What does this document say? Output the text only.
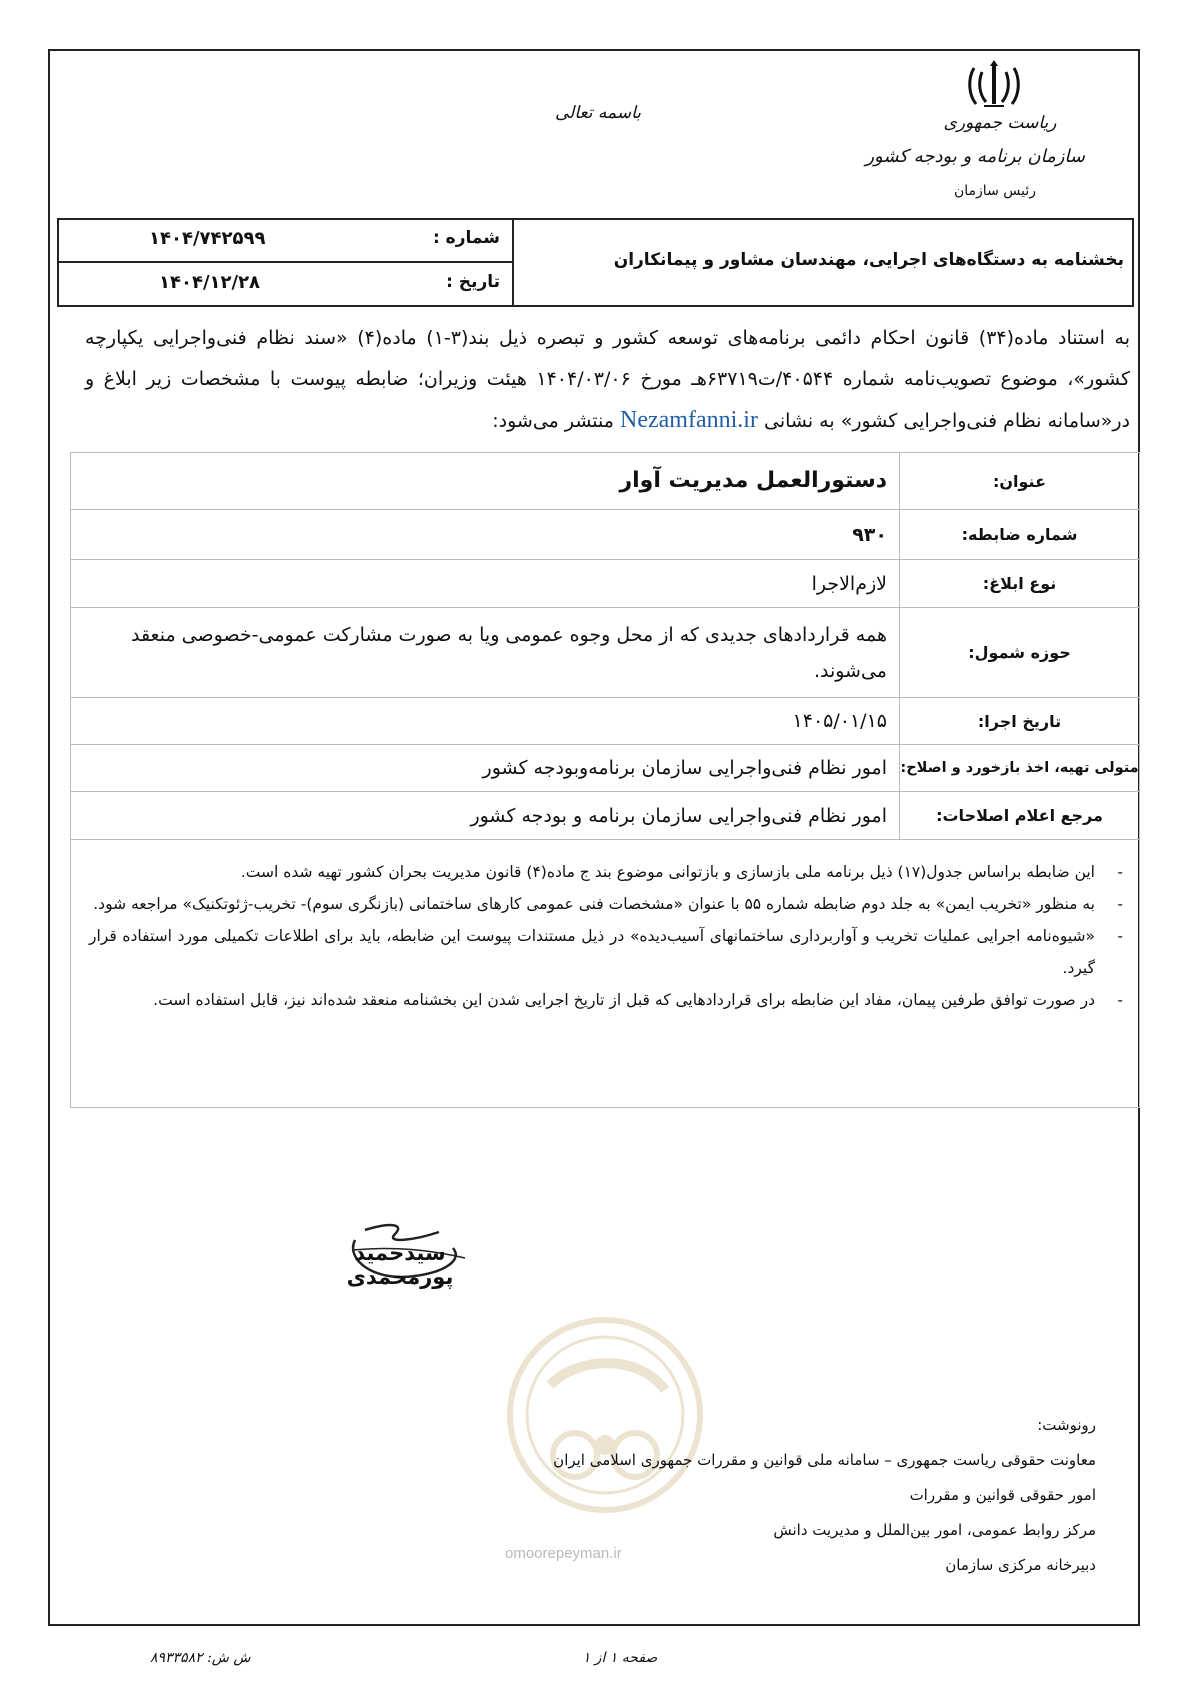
ریاست جمهوری
سازمان برنامه و بودجه کشور
رئیس سازمان
باسمه تعالی
شماره :
۱۴۰۴/۷۴۲۵۹۹
تاریخ :
۱۴۰۴/۱۲/۲۸
بخشنامه به دستگاه‌های اجرایی، مهندسان مشاور و پیمانکاران
به استناد ماده(۳۴) قانون احکام دائمی برنامه‌های توسعه کشور و تبصره ذیل بند(۳-۱) ماده(۴) «سند نظام فنی‌واجرایی یکپارچه کشور»، موضوع تصویب‌نامه شماره ۴۰۵۴۴/ت۶۳۷۱۹هـ مورخ ۱۴۰۴/۰۳/۰۶ هیئت وزیران؛ ضابطه پیوست با مشخصات زیر ابلاغ و در«سامانه نظام فنی‌واجرایی کشور» به نشانی Nezamfanni.ir منتشر می‌شود:
عنوان:
دستورالعمل مدیریت آوار
شماره ضابطه:
۹۳۰
نوع ابلاغ:
لازم‌الاجرا
حوزه شمول:
همه قراردادهای جدیدی که از محل وجوه عمومی ویا به صورت مشارکت عمومی-خصوصی منعقد می‌شوند.
تاریخ اجرا:
۱۴۰۵/۰۱/۱۵
متولی تهیه، اخذ بازخورد و اصلاح:
امور نظام فنی‌واجرایی سازمان برنامه‌وبودجه کشور
مرجع اعلام اصلاحات:
امور نظام فنی‌واجرایی سازمان برنامه و بودجه کشور
-
این ضابطه براساس جدول(۱۷) ذیل برنامه ملی بازسازی و بازتوانی موضوع بند ج ماده(۴) قانون مدیریت بحران کشور تهیه شده است.
-
به منظور «تخریب ایمن» به جلد دوم ضابطه شماره ۵۵ با عنوان «مشخصات فنی عمومی کارهای ساختمانی (بازنگری سوم)- تخریب-ژئوتکنیک» مراجعه شود.
-
«شیوه‌نامه اجرایی عملیات تخریب و آواربرداری ساختمانهای آسیب‌دیده» در ذیل مستندات پیوست این ضابطه، باید برای اطلاعات تکمیلی مورد استفاده قرار گیرد.
-
در صورت توافق طرفین پیمان، مفاد این ضابطه برای قراردادهایی که قبل از تاریخ اجرایی شدن این بخشنامه منعقد شده‌اند نیز، قابل استفاده است.
سیدحمید پورمحمدی
omoorepeyman.ir
رونوشت:
معاونت حقوقی ریاست جمهوری – سامانه ملی قوانین و مقررات جمهوری اسلامی ایران
امور حقوقی قوانین و مقررات
مرکز روابط عمومی، امور بین‌الملل و مدیریت دانش
دبیرخانه مرکزی سازمان
صفحه ۱ از ۱
ش ش: ۸۹۳۳۵۸۲
